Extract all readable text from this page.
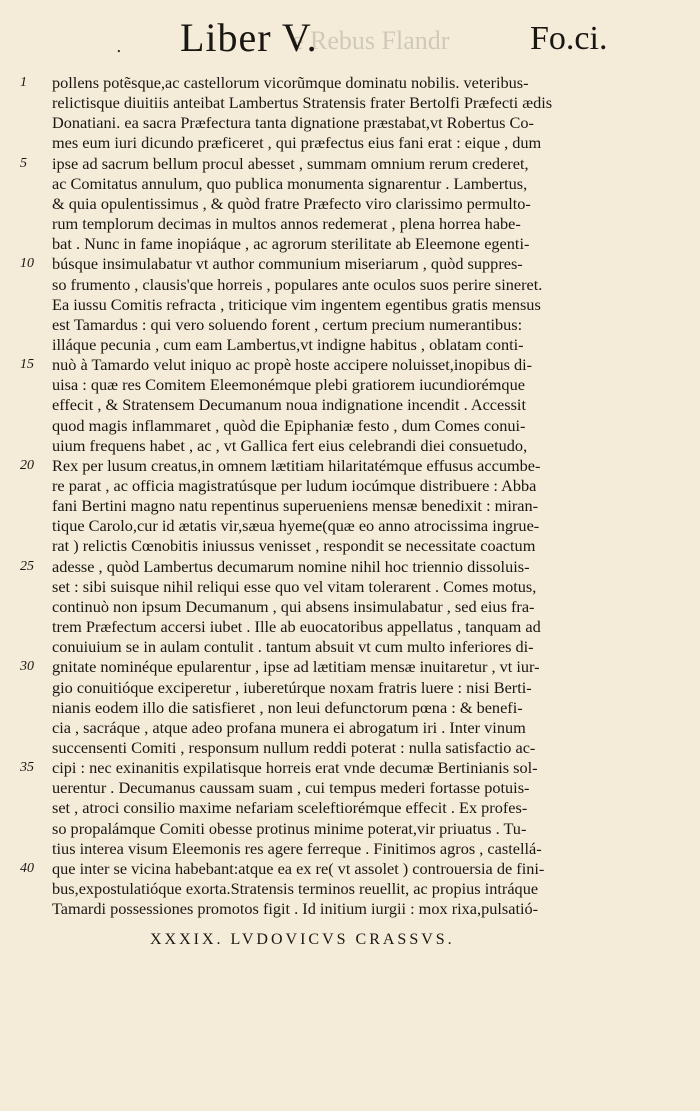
e Rebus Flandr
. Liber V.	Fo.ci.
1	pollens potẽsque,ac castellorum vicorũmque dominatu nobilis. veteribus-
relictisque diuitiis anteibat Lambertus Stratensis frater Bertolfi Præfecti ædis
Donatiani. ea sacra Præfectura tanta dignatione præstabat,vt Robertus Co-
mes eum iuri dicundo præficeret , qui præfectus eius fani erat : eique , dum
5	ipse ad sacrum bellum procul abesset , summam omnium rerum crederet,
ac Comitatus annulum, quo publica monumenta signarentur . Lambertus,
& quia opulentissimus , & quòd fratre Præfecto viro clarissimo permulto-
rum templorum decimas in multos annos redemerat , plena horrea habe-
bat . Nunc in fame inopiáque , ac agrorum sterilitate ab Eleemone egenti-
10	búsque insimulabatur vt author communium miseriarum , quòd suppres-
so frumento , clausis'que horreis , populares ante oculos suos perire sineret.
Ea iussu Comitis refracta , triticique vim ingentem egentibus gratis mensus
est Tamardus : qui vero soluendo forent , certum precium numerantibus:
illáque pecunia , cum eam Lambertus,vt indigne habitus , oblatam conti-
15	nuò à Tamardo velut iniquo ac propè hoste accipere noluisset,inopibus di-
uisa : quæ res Comitem Eleemonémque plebi gratiorem iucundiorémque
effecit , & Stratensem Decumanum noua indignatione incendit . Accessit
quod magis inflammaret , quòd die Epiphaniæ festo , dum Comes conui-
uium frequens habet , ac , vt Gallica fert eius celebrandi diei consuetudo,
20	Rex per lusum creatus,in omnem lætitiam hilaritatémque effusus accumbe-
re parat , ac officia magistratúsque per ludum iocúmque distribuere : Abba
fani Bertini magno natu repentinus superueniens mensæ benedixit : miran-
tique Carolo,cur id ætatis vir,sæua hyeme(quæ eo anno atrocissima ingrue-
rat ) relictis Cœnobitis iniussus venisset , respondit se necessitate coactum
25	adesse , quòd Lambertus decumarum nomine nihil hoc triennio dissoluis-
set : sibi suisque nihil reliqui esse quo vel vitam tolerarent . Comes motus,
continuò non ipsum Decumanum , qui absens insimulabatur , sed eius fra-
trem Præfectum accersi iubet . Ille ab euocatoribus appellatus , tanquam ad
conuiuium se in aulam contulit . tantum absuit vt cum multo inferiores di-
30	gnitate nominéque epularentur , ipse ad lætitiam mensæ inuitaretur , vt iur-
gio conuitióque exciperetur , iuberetúrque noxam fratris luere : nisi Berti-
nianis eodem illo die satisfieret , non leui defunctorum pœna : & benefi-
cia , sacráque , atque adeo profana munera ei abrogatum iri . Inter vinum
succensenti Comiti , responsum nullum reddi poterat : nulla satisfactio ac-
35	cipi : nec exinanitis expilatisque horreis erat vnde decumæ Bertinianis sol-
uerentur . Decumanus caussam suam , cui tempus mederi fortasse potuis-
set , atroci consilio maxime nefariam sceleftiorémque effecit . Ex profes-
so propalámque Comiti obesse protinus minime poterat,vir priuatus . Tu-
tius interea visum Eleemonis res agere ferreque . Finitimos agros , castellá-
40	que inter se vicina habebant:atque ea ex re( vt assolet ) controuersia de fini-
bus,expostulatióque exorta.Stratensis terminos reuellit, ac propius intráque
Tamardi possessiones promotos figit . Id initium iurgii : mox rixa,pulsatió-
XXXIX. LVDOVICVS CRASSVS.
